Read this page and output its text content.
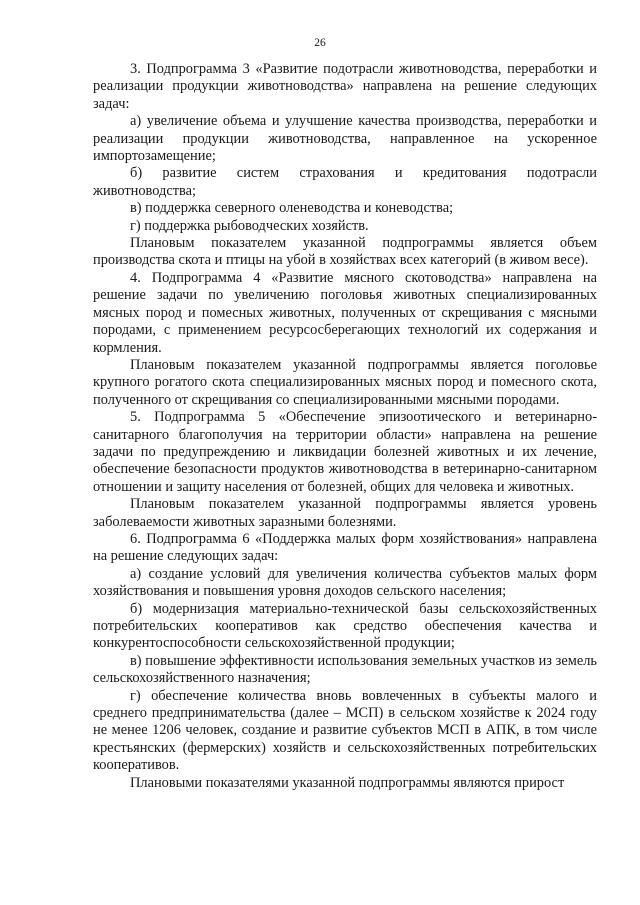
26

3. Подпрограмма 3 «Развитие подотрасли животноводства, переработки и реализации продукции животноводства» направлена на решение следующих задач:

а) увеличение объема и улучшение качества производства, переработки и реализации продукции животноводства, направленное на ускоренное импортозамещение;

б) развитие систем страхования и кредитования подотрасли животноводства;

в) поддержка северного оленеводства и коневодства;

г) поддержка рыбоводческих хозяйств.

Плановым показателем указанной подпрограммы является объем производства скота и птицы на убой в хозяйствах всех категорий (в живом весе).

4. Подпрограмма 4 «Развитие мясного скотоводства» направлена на решение задачи по увеличению поголовья животных специализированных мясных пород и помесных животных, полученных от скрещивания с мясными породами, с применением ресурсосберегающих технологий их содержания и кормления.

Плановым показателем указанной подпрограммы является поголовье крупного рогатого скота специализированных мясных пород и помесного скота, полученного от скрещивания со специализированными мясными породами.

5. Подпрограмма 5 «Обеспечение эпизоотического и ветеринарно-санитарного благополучия на территории области» направлена на решение задачи по предупреждению и ликвидации болезней животных и их лечение, обеспечение безопасности продуктов животноводства в ветеринарно-санитарном отношении и защиту населения от болезней, общих для человека и животных.

Плановым показателем указанной подпрограммы является уровень заболеваемости животных заразными болезнями.

6. Подпрограмма 6 «Поддержка малых форм хозяйствования» направлена на решение следующих задач:

а) создание условий для увеличения количества субъектов малых форм хозяйствования и повышения уровня доходов сельского населения;

б) модернизация материально-технической базы сельскохозяйственных потребительских кооперативов как средство обеспечения качества и конкурентоспособности сельскохозяйственной продукции;

в) повышение эффективности использования земельных участков из земель сельскохозяйственного назначения;

г) обеспечение количества вновь вовлеченных в субъекты малого и среднего предпринимательства (далее – МСП) в сельском хозяйстве к 2024 году не менее 1206 человек, создание и развитие субъектов МСП в АПК, в том числе крестьянских (фермерских) хозяйств и сельскохозяйственных потребительских кооперативов.

Плановыми показателями указанной подпрограммы являются прирост
